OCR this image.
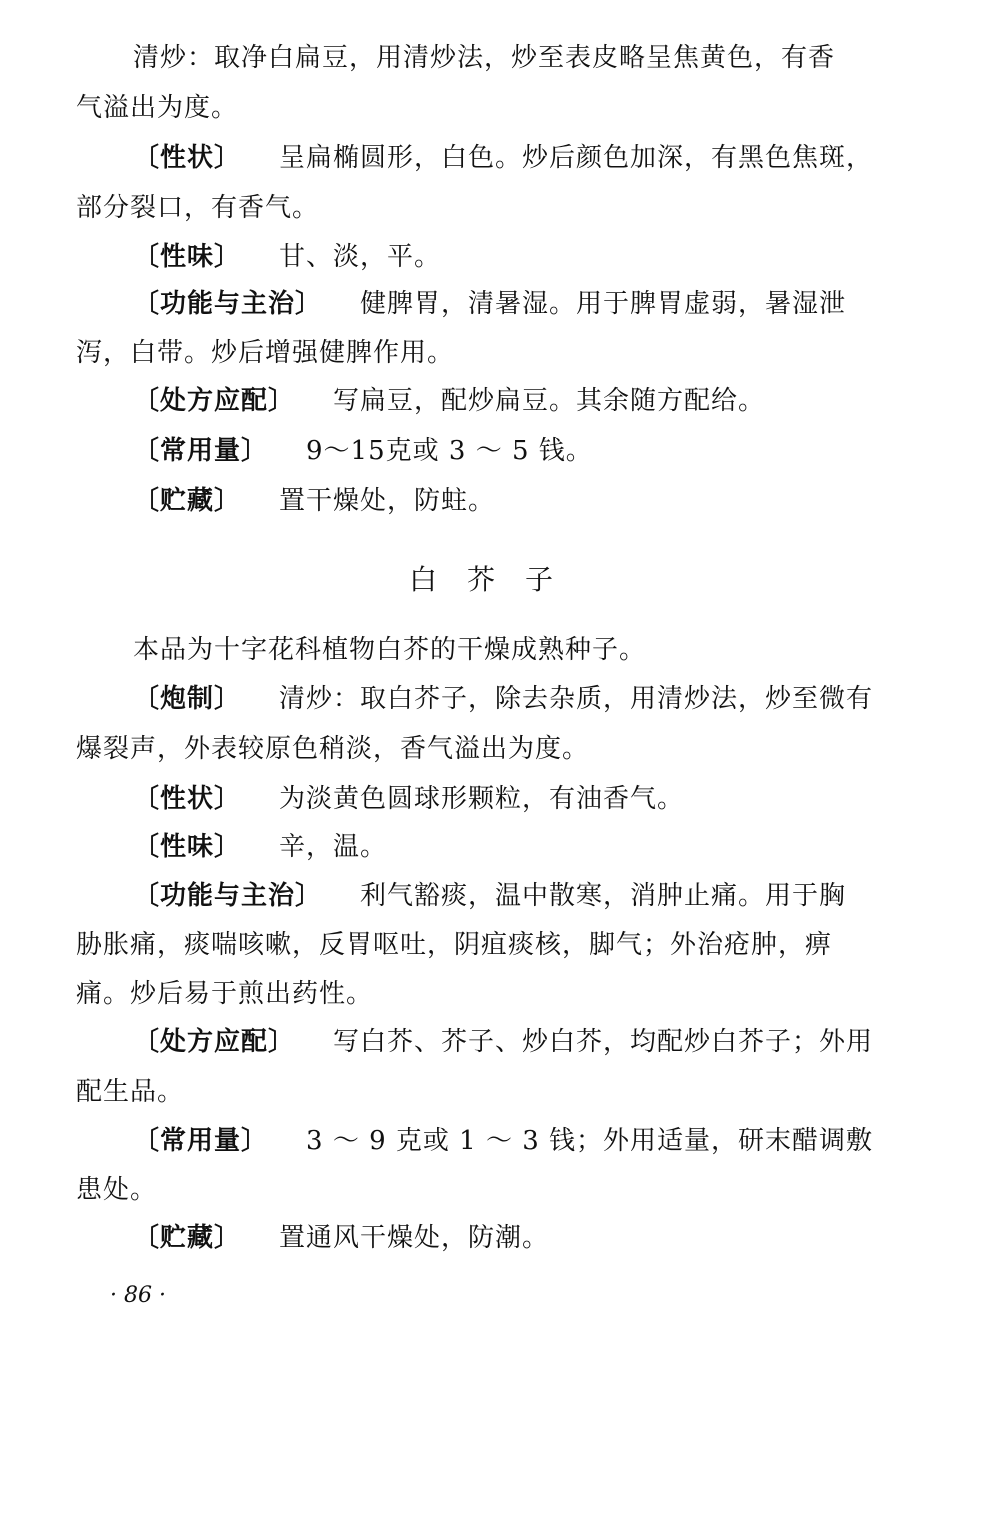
清炒：取净白扁豆，用清炒法，炒至表皮略呈焦黄色，有香
气溢出为度。
〔性状〕 呈扁椭圆形，白色。炒后颜色加深，有黑色焦斑，
部分裂口，有香气。
〔性味〕 甘、淡，平。
〔功能与主治〕 健脾胃，清暑湿。用于脾胃虚弱，暑湿泄
泻，白带。炒后增强健脾作用。
〔处方应配〕 写扁豆，配炒扁豆。其余随方配给。
〔常用量〕 9～15克或 3 ～ 5 钱。
〔贮藏〕 置干燥处，防蛀。
白芥子
本品为十字花科植物白芥的干燥成熟种子。
〔炮制〕 清炒：取白芥子，除去杂质，用清炒法，炒至微有
爆裂声，外表较原色稍淡，香气溢出为度。
〔性状〕 为淡黄色圆球形颗粒，有油香气。
〔性味〕 辛，温。
〔功能与主治〕 利气豁痰，温中散寒，消肿止痛。用于胸
胁胀痛，痰喘咳嗽，反胃呕吐，阴疽痰核，脚气；外治疮肿，痹
痛。炒后易于煎出药性。
〔处方应配〕 写白芥、芥子、炒白芥，均配炒白芥子；外用
配生品。
〔常用量〕 3 ～ 9 克或 1 ～ 3 钱；外用适量，研末醋调敷
患处。
〔贮藏〕 置通风干燥处，防潮。
· 86 ·
